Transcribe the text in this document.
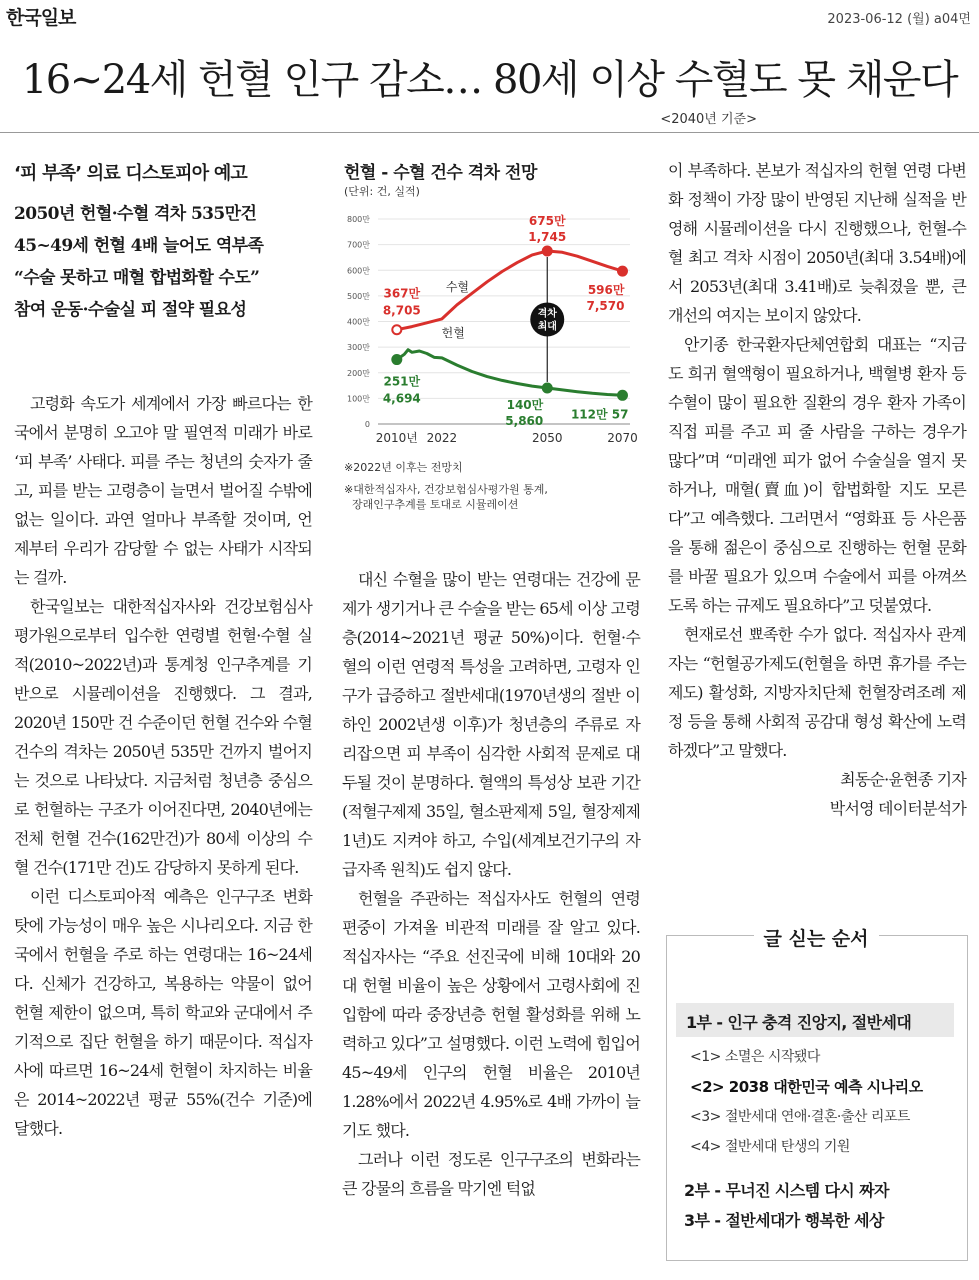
한국일보	2023-06-12 (월) a04면
16~24세 헌혈 인구 감소… 80세 이상 수혈도 못 채운다
<2040년 기준>
‘피 부족’ 의료 디스토피아 예고
2050년 헌혈·수혈 격차 535만건
45~49세 헌혈 4배 늘어도 역부족
“수술 못하고 매혈 합법화할 수도”
참여 운동·수술실 피 절약 필요성

고령화 속도가 세계에서 가장 빠르다는 한국에서 분명히 오고야 말 필연적 미래가 바로 ‘피 부족’ 사태다. 피를 주는 청년의 숫자가 줄고, 피를 받는 고령층이 늘면서 벌어질 수밖에 없는 일이다. 과연 얼마나 부족할 것이며, 언제부터 우리가 감당할 수 없는 사태가 시작되는 걸까.

한국일보는 대한적십자사와 건강보험심사평가원으로부터 입수한 연령별 헌혈·수혈 실적(2010~2022년)과 통계청 인구추계를 기반으로 시뮬레이션을 진행했다. 그 결과, 2020년 150만 건 수준이던 헌혈 건수와 수혈 건수의 격차는 2050년 535만 건까지 벌어지는 것으로 나타났다. 지금처럼 청년층 중심으로 헌혈하는 구조가 이어진다면, 2040년에는 전체 헌혈 건수(162만건)가 80세 이상의 수혈 건수(171만 건)도 감당하지 못하게 된다.

이런 디스토피아적 예측은 인구구조 변화 탓에 가능성이 매우 높은 시나리오다. 지금 한국에서 헌혈을 주로 하는 연령대는 16~24세다. 신체가 건강하고, 복용하는 약물이 없어 헌혈 제한이 없으며, 특히 학교와 군대에서 주기적으로 집단 헌혈을 하기 때문이다. 적십자사에 따르면 16~24세 헌혈이 차지하는 비율은 2014~2022년 평균 55%(건수 기준)에 달했다.

헌혈 - 수혈 건수 격차 전망
(단위: 건, 실적)
0
100만
200만
300만
400만
500만
600만
700만
800만
2010년 2022	2050	2070
격차
최대
수혈
헌혈
367만
8,705
675만
1,745
596만
7,570
251만
4,694	140만
5,860 112만 57
※2022년 이후는 전망치
※대한적십자사, 건강보험심사평가원 통계,
장래인구추계를 토대로 시뮬레이션

대신 수혈을 많이 받는 연령대는 건강에 문제가 생기거나 큰 수술을 받는 65세 이상 고령층(2014~2021년 평균 50%)이다. 헌혈·수혈의 이런 연령적 특성을 고려하면, 고령자 인구가 급증하고 절반세대(1970년생의 절반 이하인 2002년생 이후)가 청년층의 주류로 자리잡으면 피 부족이 심각한 사회적 문제로 대두될 것이 분명하다. 혈액의 특성상 보관 기간(적혈구제제 35일, 혈소판제제 5일, 혈장제제 1년)도 지켜야 하고, 수입(세계보건기구의 자급자족 원칙)도 쉽지 않다.

헌혈을 주관하는 적십자사도 헌혈의 연령 편중이 가져올 비관적 미래를 잘 알고 있다. 적십자사는 “주요 선진국에 비해 10대와 20대 헌혈 비율이 높은 상황에서 고령사회에 진입함에 따라 중장년층 헌혈 활성화를 위해 노력하고 있다”고 설명했다. 이런 노력에 힘입어 45~49세 인구의 헌혈 비율은 2010년 1.28%에서 2022년 4.95%로 4배 가까이 늘기도 했다.

그러나 이런 정도론 인구구조의 변화라는 큰 강물의 흐름을 막기엔 턱없

이 부족하다. 본보가 적십자의 헌혈 연령 다변화 정책이 가장 많이 반영된 지난해 실적을 반영해 시뮬레이션을 다시 진행했으나, 헌혈-수혈 최고 격차 시점이 2050년(최대 3.54배)에서 2053년(최대 3.41배)로 늦춰졌을 뿐, 큰 개선의 여지는 보이지 않았다.

안기종 한국환자단체연합회 대표는 “지금도 희귀 혈액형이 필요하거나, 백혈병 환자 등 수혈이 많이 필요한 질환의 경우 환자 가족이 직접 피를 주고 피 줄 사람을 구하는 경우가 많다”며 “미래엔 피가 없어 수술실을 열지 못하거나, 매혈(賣血)이 합법화할 지도 모른다”고 예측했다. 그러면서 “영화표 등 사은품을 통해 젊은이 중심으로 진행하는 헌혈 문화를 바꿀 필요가 있으며 수술에서 피를 아껴쓰도록 하는 규제도 필요하다”고 덧붙였다.

현재로선 뾰족한 수가 없다. 적십자사 관계자는 “헌혈공가제도(헌혈을 하면 휴가를 주는 제도) 활성화, 지방자치단체 헌혈장려조례 제정 등을 통해 사회적 공감대 형성 확산에 노력하겠다”고 말했다.

최동순·윤현종 기자

박서영 데이터분석가

글 싣는 순서
1부 - 인구 충격 진앙지, 절반세대
<1> 소멸은 시작됐다
<2> 2038 대한민국 예측 시나리오
<3> 절반세대 연애·결혼·출산 리포트
<4> 절반세대 탄생의 기원
2부 - 무너진 시스템 다시 짜자
3부 - 절반세대가 행복한 세상
